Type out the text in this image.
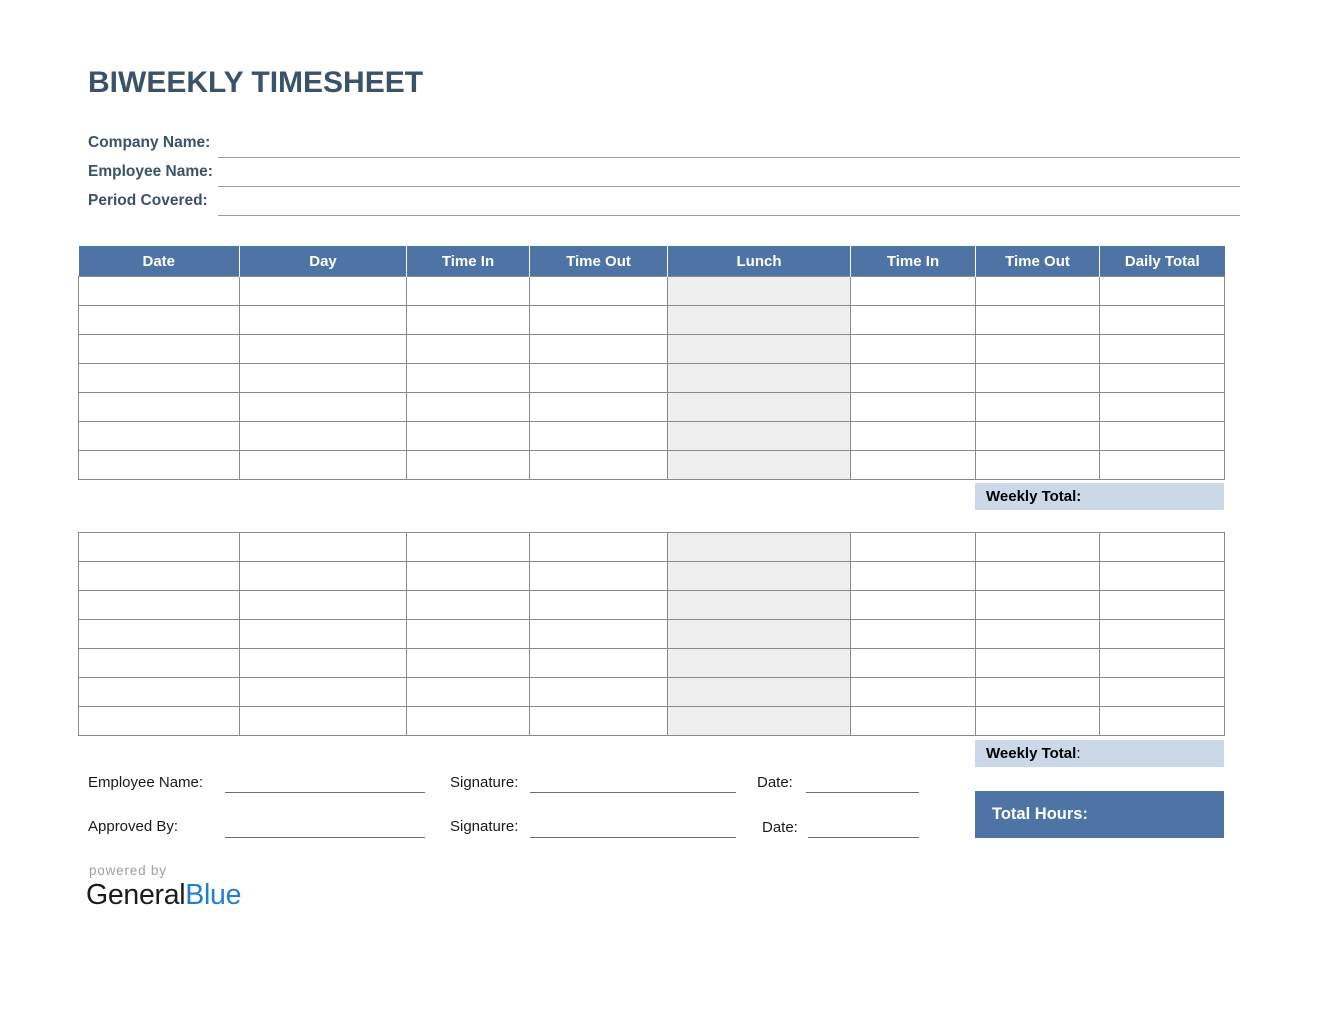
BIWEEKLY TIMESHEET
Company Name:
Employee Name:
Period Covered:
Date	Day	Time In	Time Out	Lunch	Time In	Time Out	Daily Total

Weekly Total:

Weekly Total:
Employee Name:	Signature:	Date:
Approved By:	Signature:	Date:
Total Hours:
powered by
GeneralBlue
